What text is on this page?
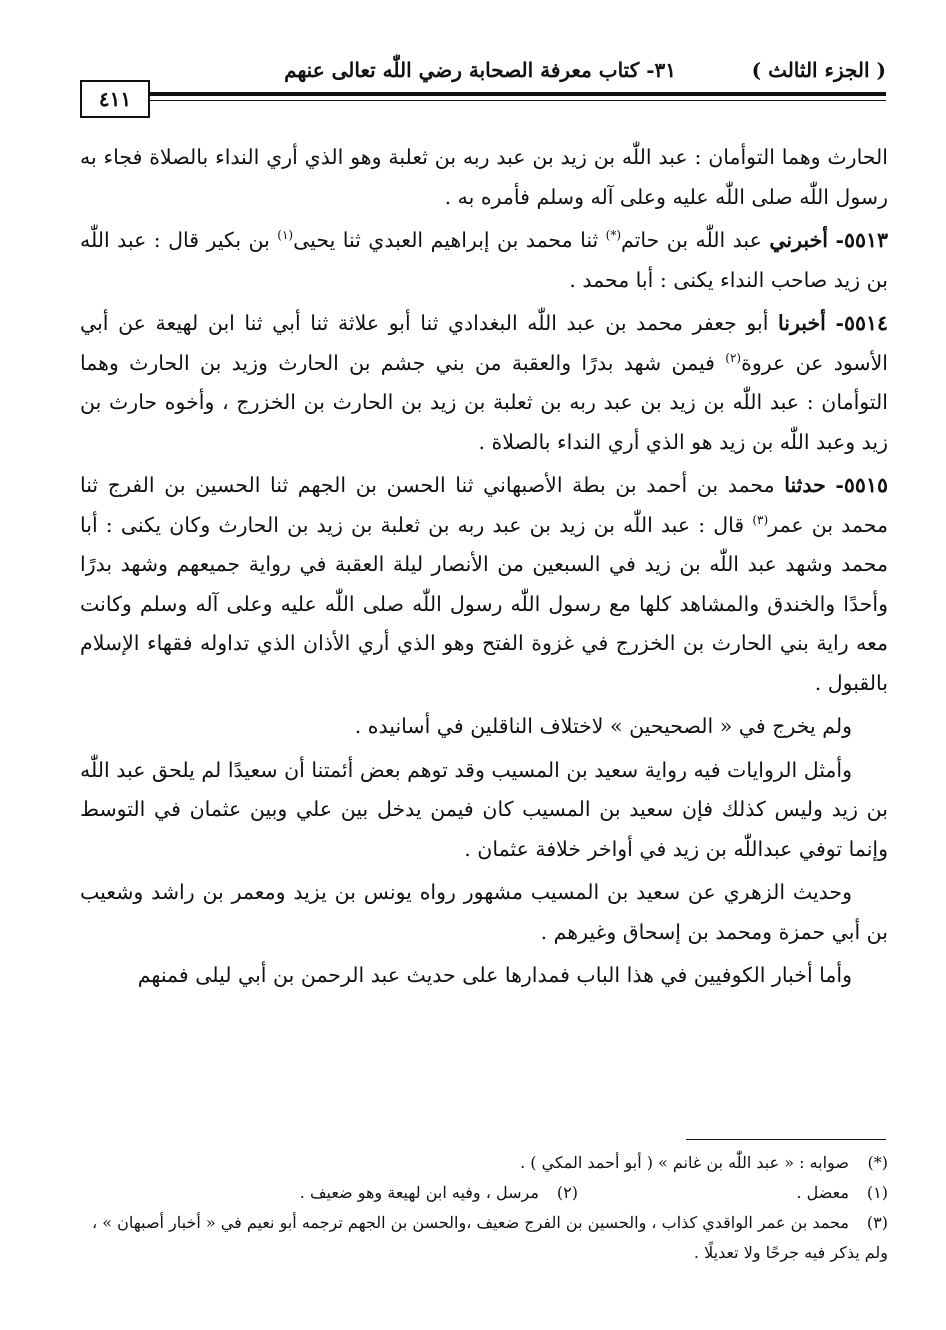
( الجزء الثالث )
٣١- كتاب معرفة الصحابة رضي اللّٰه تعالى عنهم
٤١١

الحارث وهما التوأمان : عبد اللّٰه بن زيد بن عبد ربه بن ثعلبة وهو الذي أري النداء بالصلاة فجاء به رسول اللّٰه صلى اللّٰه عليه وعلى آله وسلم فأمره به .

٥٥١٣- أخبرني عبد اللّٰه بن حاتم(*) ثنا محمد بن إبراهيم العبدي ثنا يحيى$^{(١)}$ بن بكير قال : عبد اللّٰه بن زيد صاحب النداء يكنى : أبا محمد .

٥٥١٤- أخبرنا أبو جعفر محمد بن عبد اللّٰه البغدادي ثنا أبو علاثة ثنا أبي ثنا ابن لهيعة عن أبي الأسود عن عروة$^{(٢)}$ فيمن شهد بدرًا والعقبة من بني جشم بن الحارث وزيد بن الحارث وهما التوأمان : عبد اللّٰه بن زيد بن عبد ربه بن ثعلبة بن زيد بن الحارث بن الخزرج ، وأخوه حارث بن زيد وعبد اللّٰه بن زيد هو الذي أري النداء بالصلاة .

٥٥١٥- حدثنا محمد بن أحمد بن بطة الأصبهاني ثنا الحسن بن الجهم ثنا الحسين بن الفرج ثنا محمد بن عمر$^{(٣)}$ قال : عبد اللّٰه بن زيد بن عبد ربه بن ثعلبة بن زيد بن الحارث وكان يكنى : أبا محمد وشهد عبد اللّٰه بن زيد في السبعين من الأنصار ليلة العقبة في رواية جميعهم وشهد بدرًا وأحدًا والخندق والمشاهد كلها مع رسول اللّٰه رسول اللّٰه صلى اللّٰه عليه وعلى آله وسلم وكانت معه راية بني الحارث بن الخزرج في غزوة الفتح وهو الذي أري الأذان الذي تداوله فقهاء الإسلام بالقبول .

ولم يخرج في « الصحيحين » لاختلاف الناقلين في أسانيده .

وأمثل الروايات فيه رواية سعيد بن المسيب وقد توهم بعض أئمتنا أن سعيدًا لم يلحق عبد اللّٰه بن زيد وليس كذلك فإن سعيد بن المسيب كان فيمن يدخل بين علي وبين عثمان في التوسط وإنما توفي عبداللّٰه بن زيد في أواخر خلافة عثمان .

وحديث الزهري عن سعيد بن المسيب مشهور رواه يونس بن يزيد ومعمر بن راشد وشعيب بن أبي حمزة ومحمد بن إسحاق وغيرهم .

وأما أخبار الكوفيين في هذا الباب فمدارها على حديث عبد الرحمن بن أبي ليلى فمنهم

(*) صوابه : « عبد اللّٰه بن غانم » ( أبو أحمد المكي ) .

(١) معضل .

(٢) مرسل ، وفيه ابن لهيعة وهو ضعيف .

(٣) محمد بن عمر الواقدي كذاب ، والحسين بن الفرج ضعيف ،والحسن بن الجهم ترجمه أبو نعيم في « أخبار أصبهان » ، ولم يذكر فيه جرحًا ولا تعديلًا .
